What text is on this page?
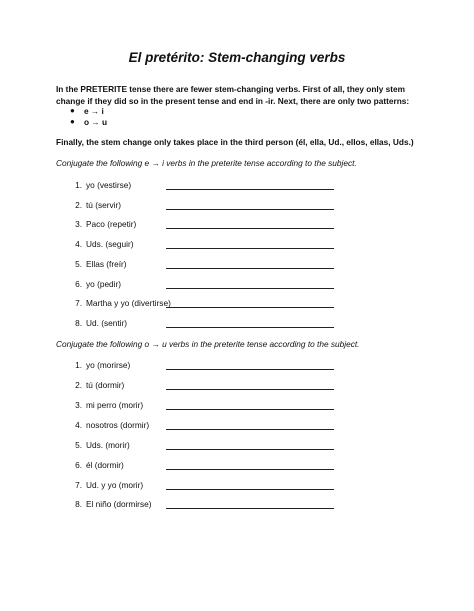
El pretérito: Stem-changing verbs
In the PRETERITE tense there are fewer stem-changing verbs. First of all, they only stem change if they did so in the present tense and end in -ir. Next, there are only two patterns:
●	e → i
●	o → u
Finally, the stem change only takes place in the third person (él, ella, Ud., ellos, ellas, Uds.)
Conjugate the following e → i verbs in the preterite tense according to the subject.
1. yo (vestirse)
2. tú (servir)
3. Paco (repetir)
4. Uds. (seguir)
5. Ellas (freír)
6. yo (pedir)
7. Martha y yo (divertirse)
8. Ud. (sentir)
Conjugate the following o → u verbs in the preterite tense according to the subject.
1. yo (morirse)
2. tú (dormir)
3. mi perro (morir)
4. nosotros (dormir)
5. Uds. (morir)
6. él (dormir)
7. Ud. y yo (morir)
8. El niño (dormirse)
